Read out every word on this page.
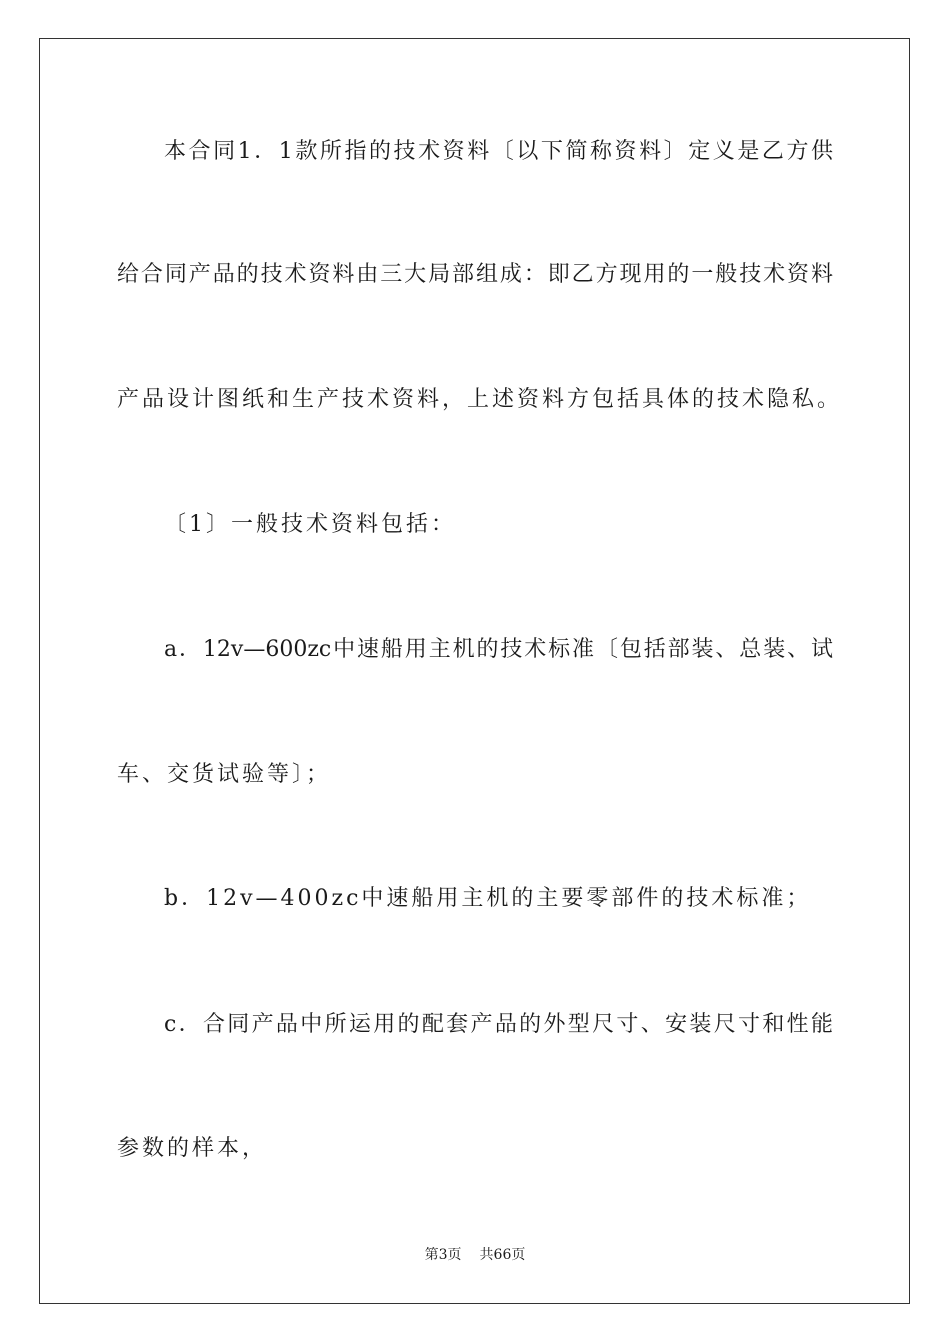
本合同1．1款所指的技术资料〔以下简称资料〕定义是乙方供
给合同产品的技术资料由三大局部组成：即乙方现用的一般技术资料
产品设计图纸和生产技术资料，上述资料方包括具体的技术隐私。
〔1〕一般技术资料包括：
a．12v—600zc中速船用主机的技术标准〔包括部装、总装、试
车、交货试验等〕；
b．12v—400zc中速船用主机的主要零部件的技术标准；
c．合同产品中所运用的配套产品的外型尺寸、安装尺寸和性能
参数的样本，
第3页 共66页
